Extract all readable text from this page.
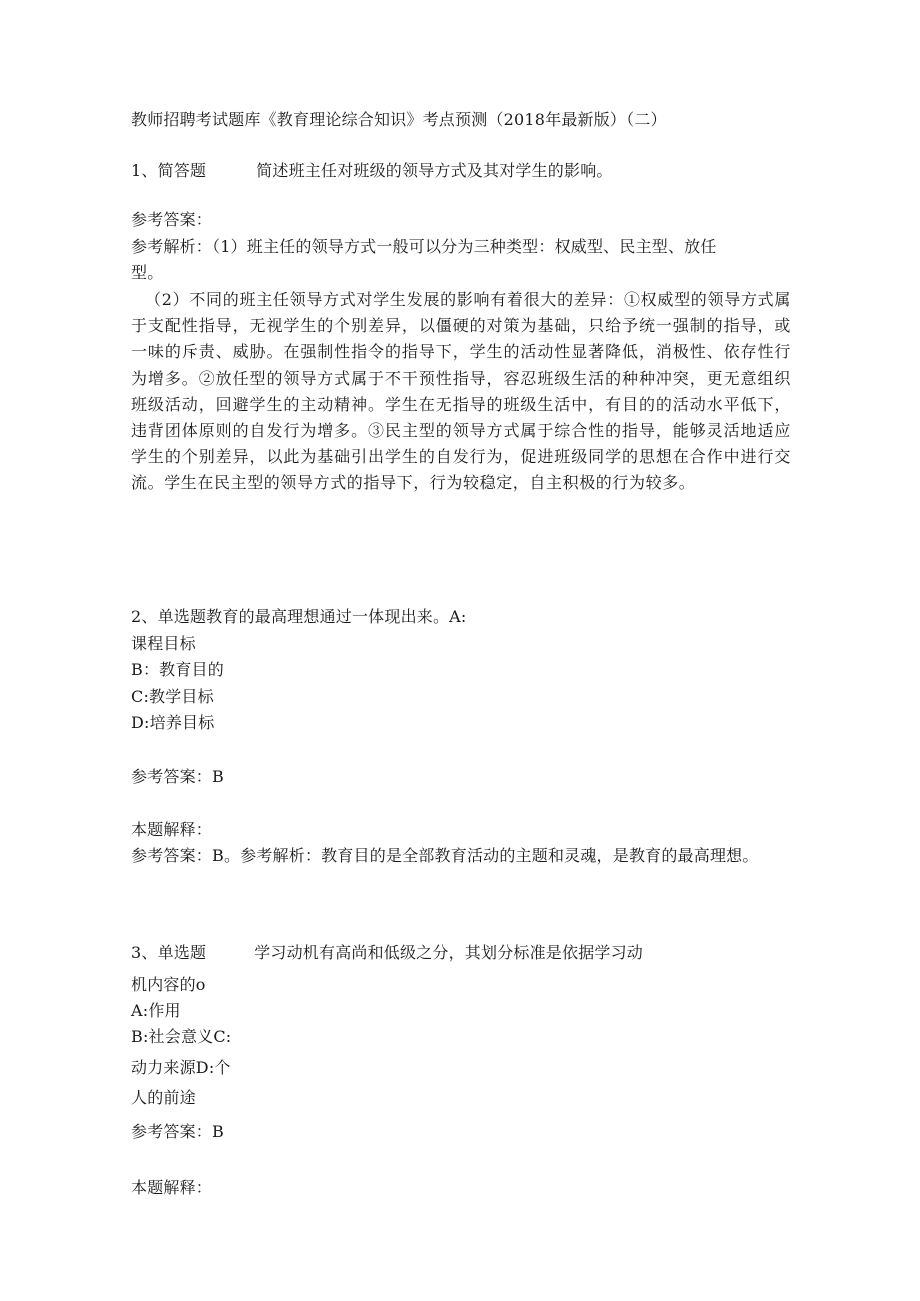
教师招聘考试题库《教育理论综合知识》考点预测（2018年最新版）（二）
1、简答题	简述班主任对班级的领导方式及其对学生的影响。
参考答案：
参考解析：（1）班主任的领导方式一般可以分为三种类型：权威型、民主型、放任
型。
（2）不同的班主任领导方式对学生发展的影响有着很大的差异：①权威型的领导方式属于支配性指导，无视学生的个别差异，以僵硬的对策为基础，只给予统一强制的指导，或一味的斥责、威胁。在强制性指令的指导下，学生的活动性显著降低，消极性、依存性行为增多。②放任型的领导方式属于不干预性指导，容忍班级生活的种种冲突，更无意组织班级活动，回避学生的主动精神。学生在无指导的班级生活中，有目的的活动水平低下，违背团体原则的自发行为增多。③民主型的领导方式属于综合性的指导，能够灵活地适应学生的个别差异，以此为基础引出学生的自发行为，促进班级同学的思想在合作中进行交流。学生在民主型的领导方式的指导下，行为较稳定，自主积极的行为较多。
2、单选题教育的最高理想通过一体现出来。A:
课程目标
B：教育目的
C:教学目标
D:培养目标
参考答案：B
本题解释：
参考答案：B。参考解析：教育目的是全部教育活动的主题和灵魂，是教育的最高理想。
3、单选题	学习动机有高尚和低级之分，其划分标准是依据学习动
机内容的o
A:作用
B:社会意义C:
动力来源D:个
人的前途
参考答案：B
本题解释：
